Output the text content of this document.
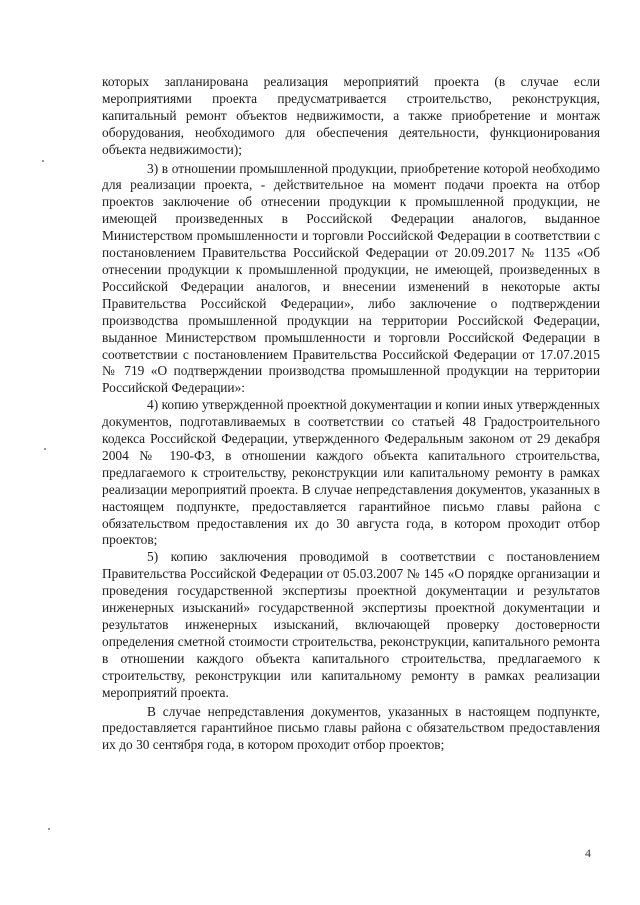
которых запланирована реализация мероприятий проекта (в случае если мероприятиями проекта предусматривается строительство, реконструкция, капитальный ремонт объектов недвижимости, а также приобретение и монтаж оборудования, необходимого для обеспечения деятельности, функционирования объекта недвижимости);

3) в отношении промышленной продукции, приобретение которой необходимо для реализации проекта, - действительное на момент подачи проекта на отбор проектов заключение об отнесении продукции к промышленной продукции, не имеющей произведенных в Российской Федерации аналогов, выданное Министерством промышленности и торговли Российской Федерации в соответствии с постановлением Правительства Российской Федерации от 20.09.2017 № 1135 «Об отнесении продукции к промышленной продукции, не имеющей, произведенных в Российской Федерации аналогов, и внесении изменений в некоторые акты Правительства Российской Федерации», либо заключение о подтверждении производства промышленной продукции на территории Российской Федерации, выданное Министерством промышленности и торговли Российской Федерации в соответствии с постановлением Правительства Российской Федерации от 17.07.2015 № 719 «О подтверждении производства промышленной продукции на территории Российской Федерации»:

4) копию утвержденной проектной документации и копии иных утвержденных документов, подготавливаемых в соответствии со статьей 48 Градостроительного кодекса Российской Федерации, утвержденного Федеральным законом от 29 декабря 2004 № 190-ФЗ, в отношении каждого объекта капитального строительства, предлагаемого к строительству, реконструкции или капитальному ремонту в рамках реализации мероприятий проекта. В случае непредставления документов, указанных в настоящем подпункте, предоставляется гарантийное письмо главы района с обязательством предоставления их до 30 августа года, в котором проходит отбор проектов;

5) копию заключения проводимой в соответствии с постановлением Правительства Российской Федерации от 05.03.2007 № 145 «О порядке организации и проведения государственной экспертизы проектной документации и результатов инженерных изысканий» государственной экспертизы проектной документации и результатов инженерных изысканий, включающей проверку достоверности определения сметной стоимости строительства, реконструкции, капитального ремонта в отношении каждого объекта капитального строительства, предлагаемого к строительству, реконструкции или капитальному ремонту в рамках реализации мероприятий проекта.

В случае непредставления документов, указанных в настоящем подпункте, предоставляется гарантийное письмо главы района с обязательством предоставления их до 30 сентября года, в котором проходит отбор проектов;

4
